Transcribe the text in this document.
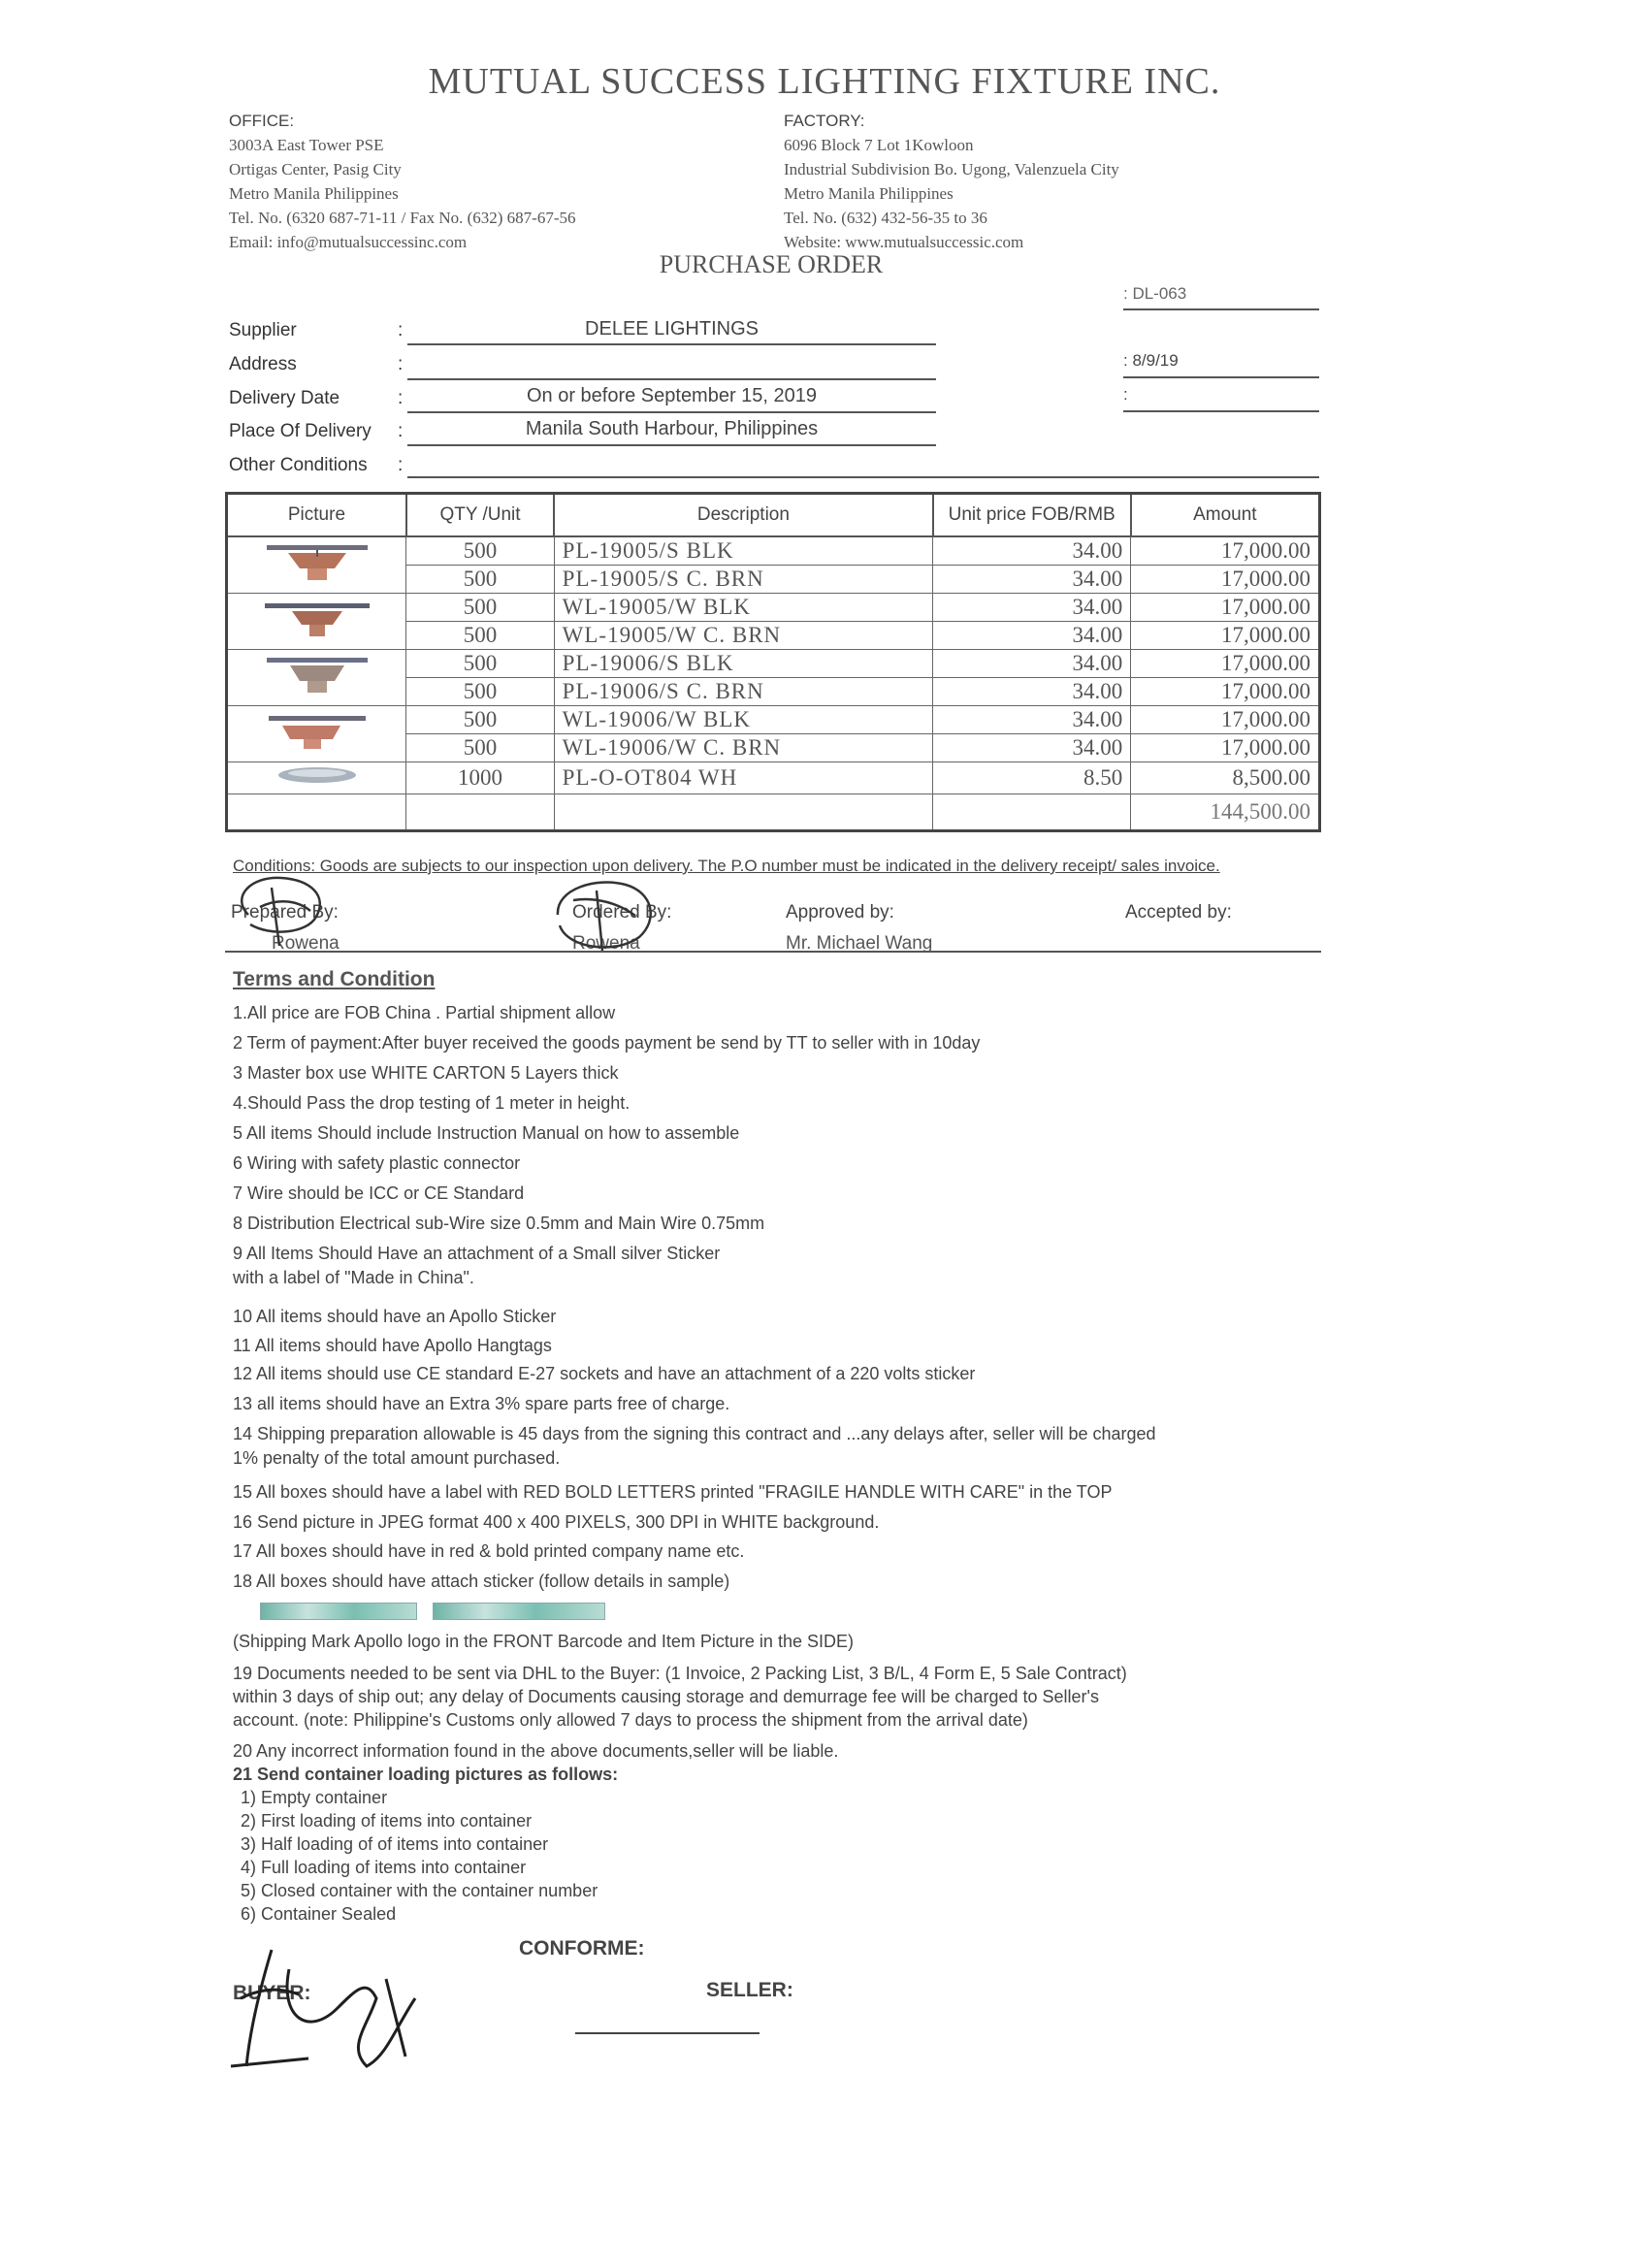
MUTUAL SUCCESS LIGHTING FIXTURE INC.
OFFICE:
3003A East Tower PSE
Ortigas Center, Pasig City
Metro Manila Philippines
Tel. No. (6320 687-71-11 / Fax No. (632) 687-67-56
Email: info@mutualsuccessinc.com
FACTORY:
6096 Block 7 Lot 1Kowloon
Industrial Subdivision Bo. Ugong, Valenzuela City
Metro Manila Philippines
Tel. No. (632) 432-56-35 to 36
Website: www.mutualsuccessic.com
PURCHASE ORDER
: DL-063
: 8/9/19
:
Supplier	:	DELEE LIGHTINGS
Address	:
Delivery Date	:	On or before September 15, 2019
Place Of Delivery :	Manila South Harbour, Philippines
Other Conditions :
Picture	QTY /Unit	Description	Unit price FOB/RMB	Amount
	500	PL-19005/S BLK	34.00	17,000.00
	500	PL-19005/S C. BRN	34.00	17,000.00
	500	WL-19005/W BLK	34.00	17,000.00
	500	WL-19005/W C. BRN	34.00	17,000.00
	500	PL-19006/S BLK	34.00	17,000.00
	500	PL-19006/S C. BRN	34.00	17,000.00
	500	WL-19006/W BLK	34.00	17,000.00
	500	WL-19006/W C. BRN	34.00	17,000.00
	1000	PL-O-OT804 WH	8.50	8,500.00
				144,500.00
Conditions: Goods are subjects to our inspection upon delivery. The P.O number must be indicated in the delivery receipt/ sales invoice.
Prepared By:
Rowena
Ordered By:
Rowena
Approved by:
Mr. Michael Wang
Accepted by:
Terms and Condition
1.All price are FOB China . Partial shipment allow
2 Term of payment:After buyer received the goods payment be send by TT to seller with in 10day
3 Master box use WHITE CARTON 5 Layers thick
4.Should Pass the drop testing of 1 meter in height.
5 All items Should include Instruction Manual on how to assemble
6 Wiring with safety plastic connector
7 Wire should be ICC or CE Standard
8 Distribution Electrical sub-Wire size 0.5mm and Main Wire 0.75mm
9 All Items Should Have an attachment of a Small silver Sticker
with a label of "Made in China".
10 All items should have an Apollo Sticker
11 All items should have Apollo Hangtags
12 All items should use CE standard E-27 sockets and have an attachment of a 220 volts sticker
13 all items should have an Extra 3% spare parts free of charge.
14 Shipping preparation allowable is 45 days from the signing this contract and ...any delays after, seller will be charged
1% penalty of the total amount purchased.
15 All boxes should have a label with RED BOLD LETTERS printed "FRAGILE HANDLE WITH CARE" in the TOP
16 Send picture in JPEG format 400 x 400 PIXELS, 300 DPI in WHITE background.
17 All boxes should have in red & bold printed company name etc.
18 All boxes should have attach sticker (follow details in sample)
(Shipping Mark Apollo logo in the FRONT Barcode and Item Picture in the SIDE)
19 Documents needed to be sent via DHL to the Buyer: (1 Invoice, 2 Packing List, 3 B/L, 4 Form E, 5 Sale Contract)
within 3 days of ship out; any delay of Documents causing storage and demurrage fee will be charged to Seller's
account. (note: Philippine's Customs only allowed 7 days to process the shipment from the arrival date)
20 Any incorrect information found in the above documents,seller will be liable.
21 Send container loading pictures as follows:
1) Empty container
2) First loading of items into container
3) Half loading of of items into container
4) Full loading of items into container
5) Closed container with the container number
6) Container Sealed
CONFORME:
BUYER:	SELLER:
